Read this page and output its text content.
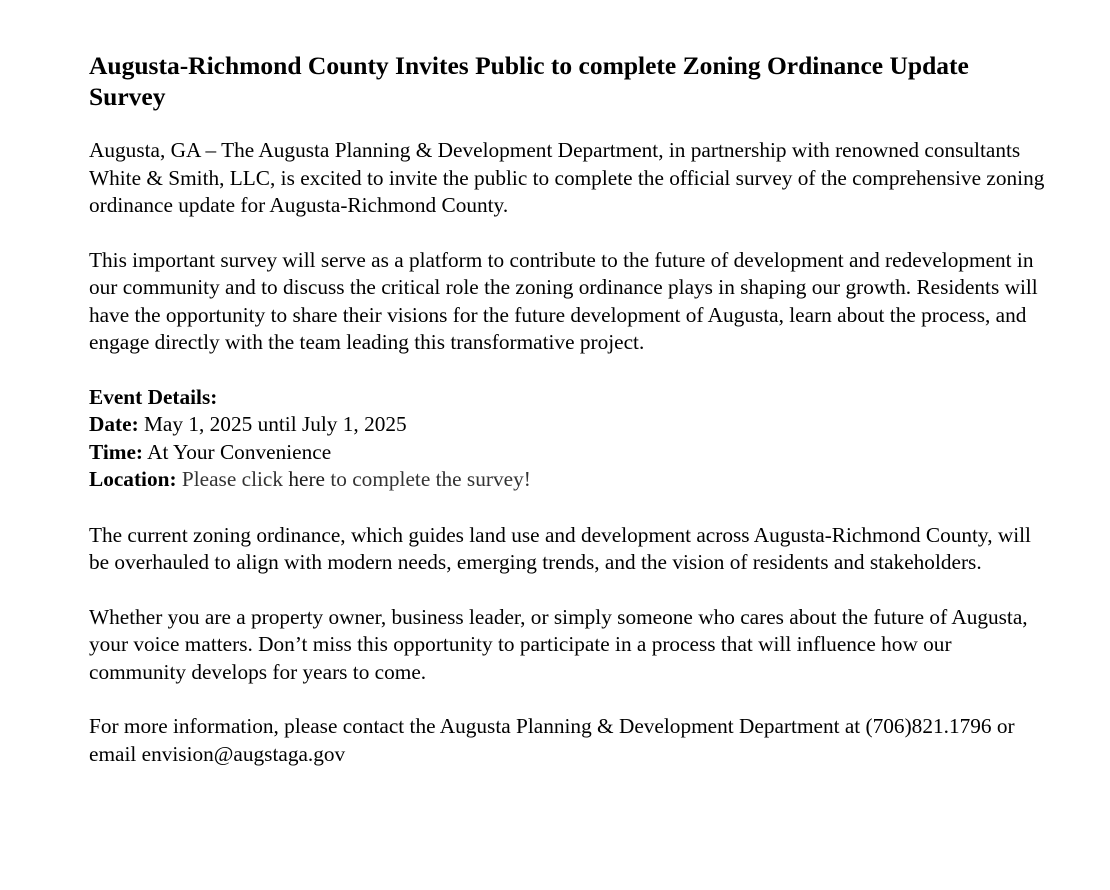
Augusta-Richmond County Invites Public to complete Zoning Ordinance Update Survey

Augusta, GA – The Augusta Planning & Development Department, in partnership with renowned consultants White & Smith, LLC, is excited to invite the public to complete the official survey of the comprehensive zoning ordinance update for Augusta-Richmond County.

This important survey will serve as a platform to contribute to the future of development and redevelopment in our community and to discuss the critical role the zoning ordinance plays in shaping our growth. Residents will have the opportunity to share their visions for the future development of Augusta, learn about the process, and engage directly with the team leading this transformative project.

Event Details:
Date: May 1, 2025 until July 1, 2025
Time: At Your Convenience
Location: Please click here to complete the survey!

The current zoning ordinance, which guides land use and development across Augusta-Richmond County, will be overhauled to align with modern needs, emerging trends, and the vision of residents and stakeholders.

Whether you are a property owner, business leader, or simply someone who cares about the future of Augusta, your voice matters. Don’t miss this opportunity to participate in a process that will influence how our community develops for years to come.

For more information, please contact the Augusta Planning & Development Department at (706)821.1796 or email envision@augstaga.gov
